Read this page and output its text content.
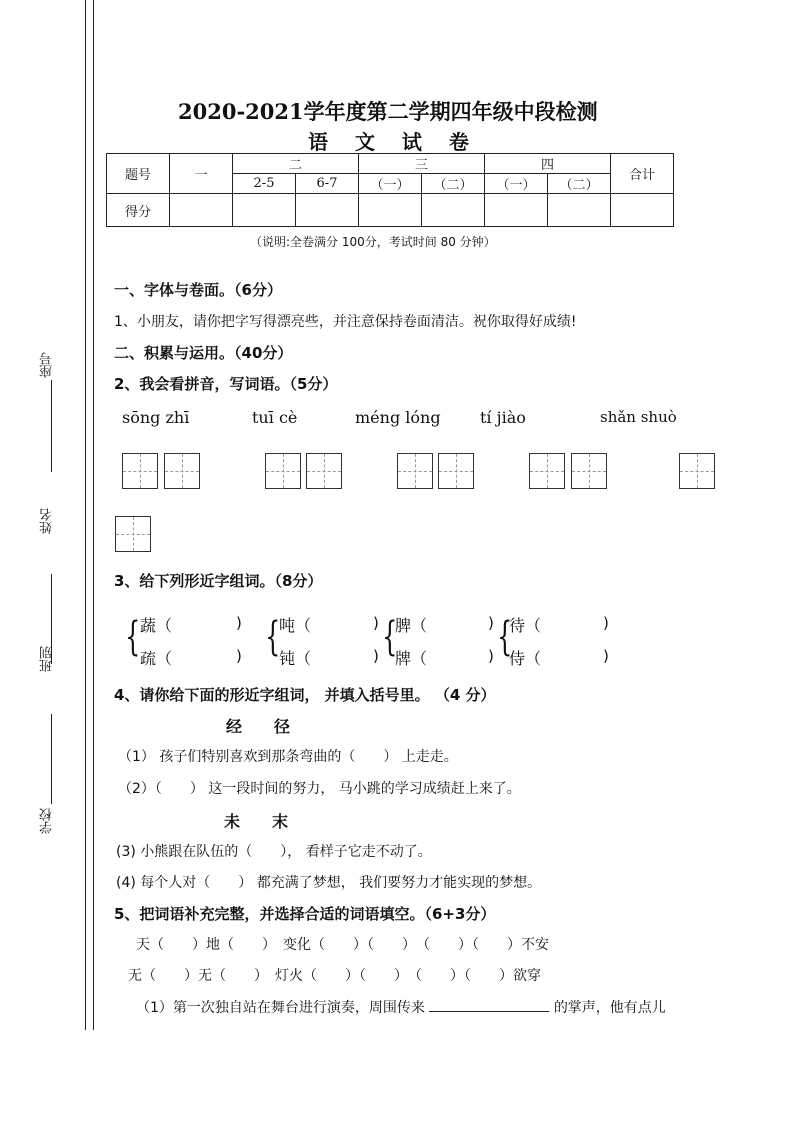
座号
姓名
班别
学校
2020-2021学年度第二学期四年级中段检测
语 文 试 卷
题号	一	二		三		四		合计
		2-5	6-7	（一）	（二）	（一）	（二）	
得分								
（说明:全卷满分 100分，考试时间 80 分钟）
一、字体与卷面。（6分）
1、小朋友，请你把字写得漂亮些，并注意保持卷面清洁。祝你取得好成绩!
二、积累与运用。（40分）
2、我会看拼音，写词语。（5分）
sōng zhī	tuī cè	méng lóng tí jiào	shǎn shuò
3、给下列形近字组词。（8分）
{ 蔬（	)
疏（	) {
吨（	)
钝（	) {
脾（	)
牌（	) {
待（	)
侍（	)
4、请你给下面的形近字组词， 并填入括号里。 （4 分）
经　　径
（1） 孩子们特别喜欢到那条弯曲的（　　） 上走走。
（2）（　　） 这一段时间的努力， 马小跳的学习成绩赶上来了。
未　　末
(3) 小熊跟在队伍的（　　）， 看样子它走不动了。
(4) 每个人对（　　） 都充满了梦想， 我们要努力才能实现的梦想。
5、把词语补充完整，并选择合适的词语填空。（6+3分）
天（　　）地（　　）　变化（　　）（　　）　（　　）（　　）不安
无（　　）无（　　）　灯火（　　）（　　）　（　　）（　　）欲穿
（1）第一次独自站在舞台进行演奏，周围传来	的掌声，他有点儿
